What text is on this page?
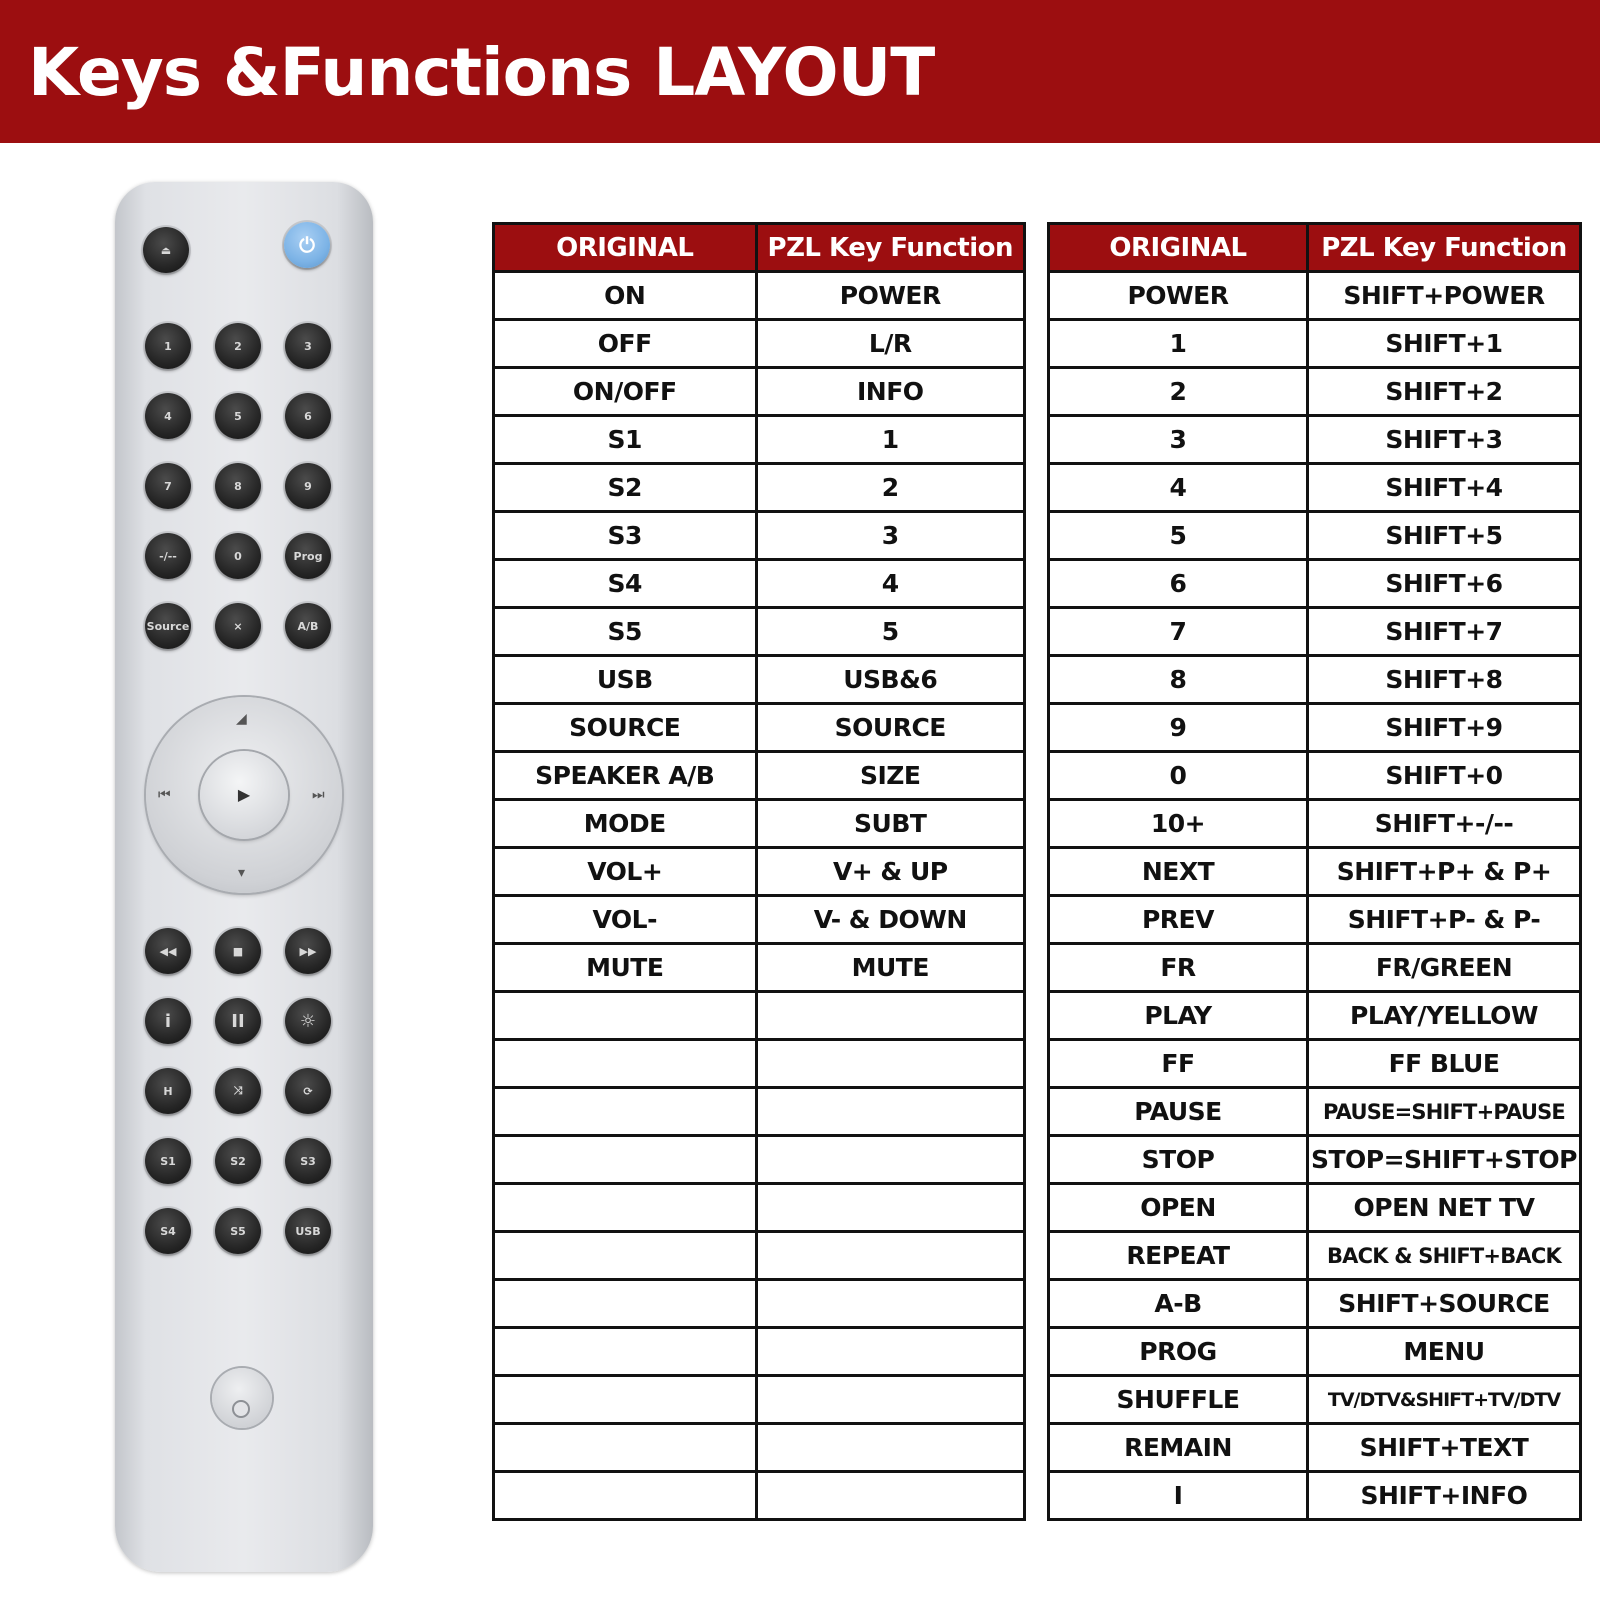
Keys &Functions LAYOUT
⏏	⏻
1	2	3
4	5	6
7	8	9
-/--	0	Prog
Source	⨯	A/B
◢
▾
⏮	⏭
▶
◀◀	■	▶▶
i	II	☼
H	⤨	⟳
S1	S2	S3
S4	S5	USB
ORIGINAL	PZL Key Function
ON	POWER
OFF	L/R
ON/OFF	INFO
S1	1
S2	2
S3	3
S4	4
S5	5
USB	USB&6
SOURCE	SOURCE
SPEAKER A/B	SIZE
MODE	SUBT
VOL+	V+ & UP
VOL-	V- & DOWN
MUTE	MUTE

ORIGINAL	PZL Key Function
POWER	SHIFT+POWER
1	SHIFT+1
2	SHIFT+2
3	SHIFT+3
4	SHIFT+4
5	SHIFT+5
6	SHIFT+6
7	SHIFT+7
8	SHIFT+8
9	SHIFT+9
0	SHIFT+0
10+	SHIFT+-/--
NEXT	SHIFT+P+ & P+
PREV	SHIFT+P- & P-
FR	FR/GREEN
PLAY	PLAY/YELLOW
FF	FF BLUE
PAUSE	PAUSE=SHIFT+PAUSE
STOP	STOP=SHIFT+STOP
OPEN	OPEN NET TV
REPEAT	BACK & SHIFT+BACK
A-B	SHIFT+SOURCE
PROG	MENU
SHUFFLE	TV/DTV&SHIFT+TV/DTV
REMAIN	SHIFT+TEXT
I	SHIFT+INFO
